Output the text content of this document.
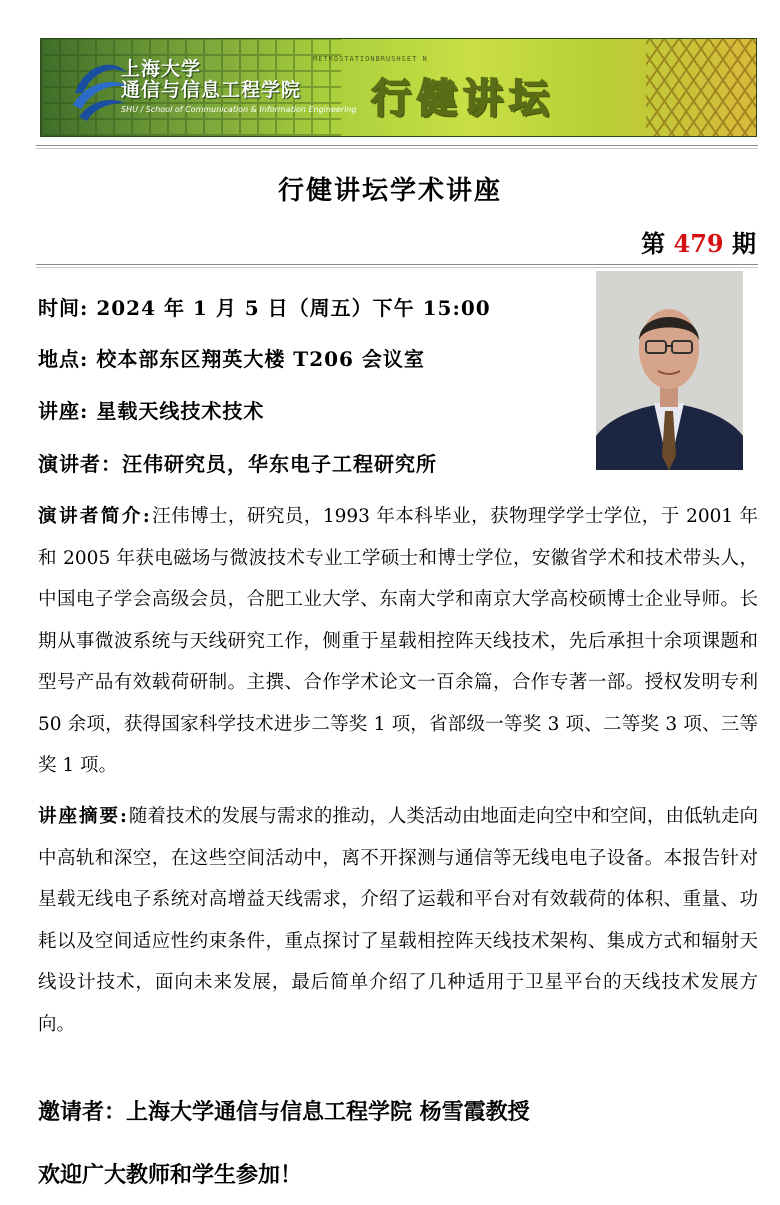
上海大学
通信与信息工程学院
SHU / School of Communication & Information Engineering
METROSTATIONBRUSHSET N
行健讲坛
行健讲坛学术讲座
第 479 期
时间: 2024 年 1 月 5 日（周五）下午 15:00
地点: 校本部东区翔英大楼 T206 会议室
讲座: 星载天线技术技术
演讲者：汪伟研究员，华东电子工程研究所
演讲者简介:汪伟博士，研究员，1993 年本科毕业，获物理学学士学位，于 2001 年和 2005 年获电磁场与微波技术专业工学硕士和博士学位，安徽省学术和技术带头人，中国电子学会高级会员，合肥工业大学、东南大学和南京大学高校硕博士企业导师。长期从事微波系统与天线研究工作，侧重于星载相控阵天线技术，先后承担十余项课题和型号产品有效载荷研制。主撰、合作学术论文一百余篇，合作专著一部。授权发明专利 50 余项，获得国家科学技术进步二等奖 1 项，省部级一等奖 3 项、二等奖 3 项、三等奖 1 项。
讲座摘要:随着技术的发展与需求的推动，人类活动由地面走向空中和空间，由低轨走向中高轨和深空，在这些空间活动中，离不开探测与通信等无线电电子设备。本报告针对星载无线电子系统对高增益天线需求，介绍了运载和平台对有效载荷的体积、重量、功耗以及空间适应性约束条件，重点探讨了星载相控阵天线技术架构、集成方式和辐射天线设计技术，面向未来发展，最后简单介绍了几种适用于卫星平台的天线技术发展方向。
邀请者：上海大学通信与信息工程学院 杨雪霞教授
欢迎广大教师和学生参加！
